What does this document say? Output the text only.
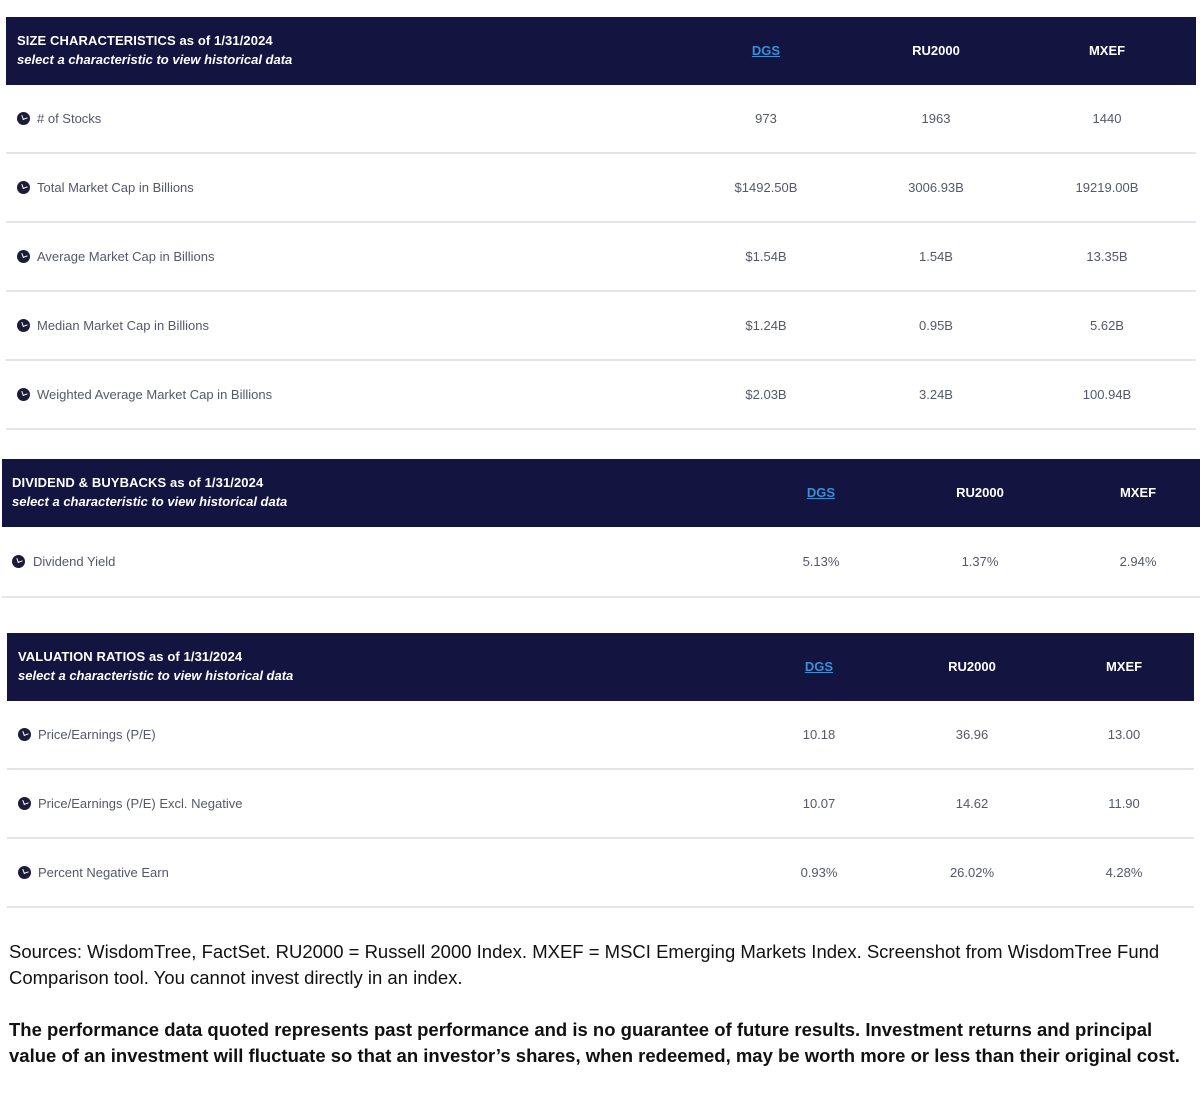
SIZE CHARACTERISTICS as of 1/31/2024
select a characteristic to view historical data
DGS	RU2000	MXEF
# of Stocks	973	1963	1440
Total Market Cap in Billions	$1492.50B	3006.93B	19219.00B
Average Market Cap in Billions	$1.54B	1.54B	13.35B
Median Market Cap in Billions	$1.24B	0.95B	5.62B
Weighted Average Market Cap in Billions	$2.03B	3.24B	100.94B
DIVIDEND & BUYBACKS as of 1/31/2024
select a characteristic to view historical data
DGS	RU2000	MXEF
Dividend Yield	5.13%	1.37%	2.94%
VALUATION RATIOS as of 1/31/2024
select a characteristic to view historical data
DGS	RU2000	MXEF
Price/Earnings (P/E)	10.18	36.96	13.00
Price/Earnings (P/E) Excl. Negative	10.07	14.62	11.90
Percent Negative Earn	0.93%	26.02%	4.28%
Sources: WisdomTree, FactSet. RU2000 = Russell 2000 Index. MXEF = MSCI Emerging Markets Index. Screenshot from WisdomTree Fund Comparison tool. You cannot invest directly in an index.
The performance data quoted represents past performance and is no guarantee of future results. Investment returns and principal value of an investment will fluctuate so that an investor’s shares, when redeemed, may be worth more or less than their original cost.
